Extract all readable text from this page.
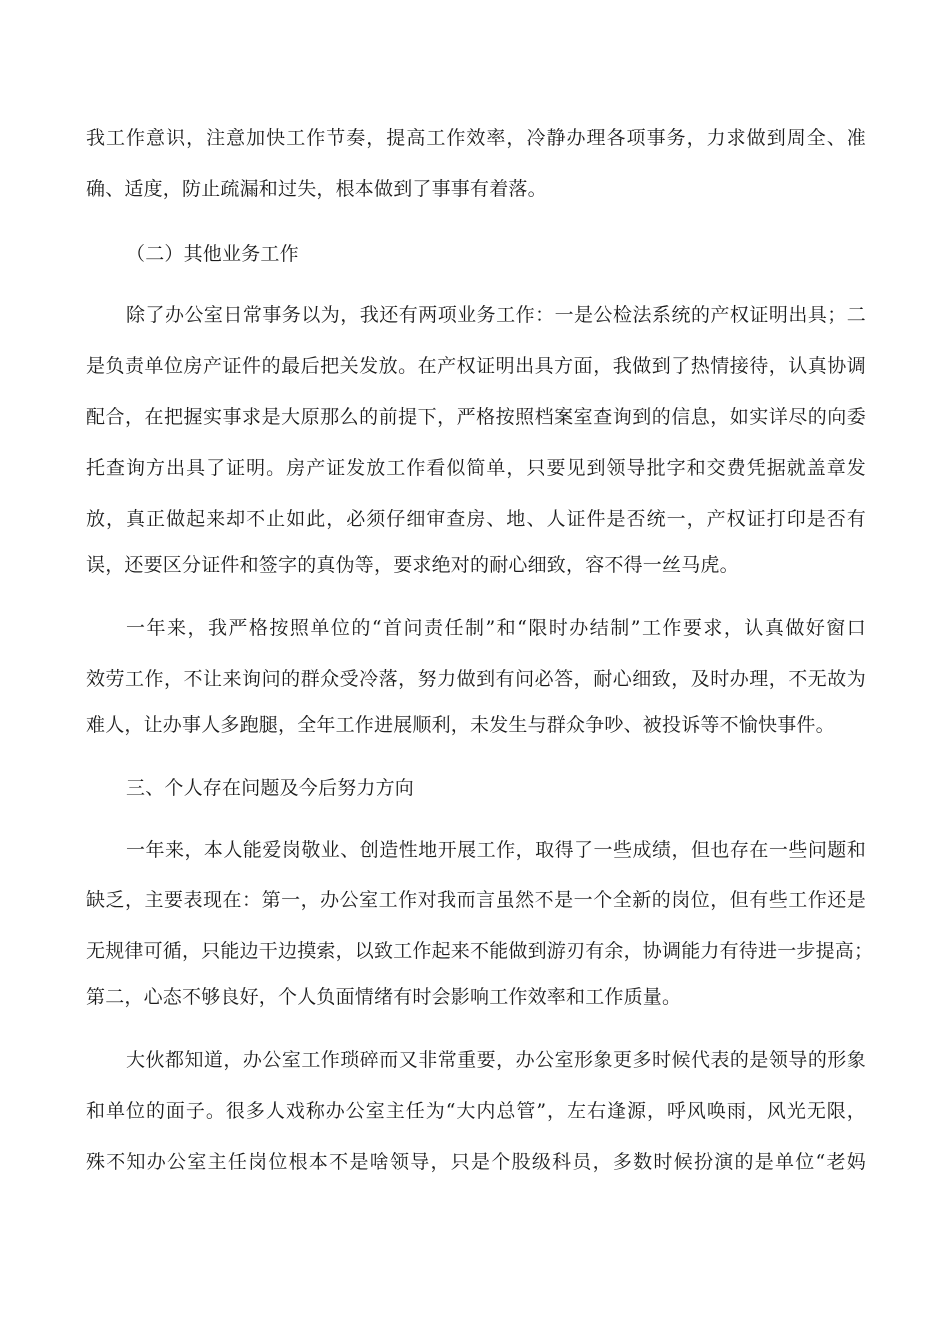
我工作意识，注意加快工作节奏，提高工作效率，冷静办理各项事务，力求做到周全、准
确、适度，防止疏漏和过失，根本做到了事事有着落。
（二）其他业务工作
除了办公室日常事务以为，我还有两项业务工作：一是公检法系统的产权证明出具；二
是负责单位房产证件的最后把关发放。在产权证明出具方面，我做到了热情接待，认真协调
配合，在把握实事求是大原那么的前提下，严格按照档案室查询到的信息，如实详尽的向委
托查询方出具了证明。房产证发放工作看似简单，只要见到领导批字和交费凭据就盖章发
放，真正做起来却不止如此，必须仔细审查房、地、人证件是否统一，产权证打印是否有
误，还要区分证件和签字的真伪等，要求绝对的耐心细致，容不得一丝马虎。
一年来，我严格按照单位的“首问责任制”和“限时办结制”工作要求，认真做好窗口
效劳工作，不让来询问的群众受冷落，努力做到有问必答，耐心细致，及时办理，不无故为
难人，让办事人多跑腿，全年工作进展顺利，未发生与群众争吵、被投诉等不愉快事件。
三、个人存在问题及今后努力方向
一年来，本人能爱岗敬业、创造性地开展工作，取得了一些成绩，但也存在一些问题和
缺乏，主要表现在：第一，办公室工作对我而言虽然不是一个全新的岗位，但有些工作还是
无规律可循，只能边干边摸索，以致工作起来不能做到游刃有余，协调能力有待进一步提高；
第二，心态不够良好，个人负面情绪有时会影响工作效率和工作质量。
大伙都知道，办公室工作琐碎而又非常重要，办公室形象更多时候代表的是领导的形象
和单位的面子。很多人戏称办公室主任为“大内总管”，左右逢源，呼风唤雨，风光无限，
殊不知办公室主任岗位根本不是啥领导，只是个股级科员，多数时候扮演的是单位“老妈
